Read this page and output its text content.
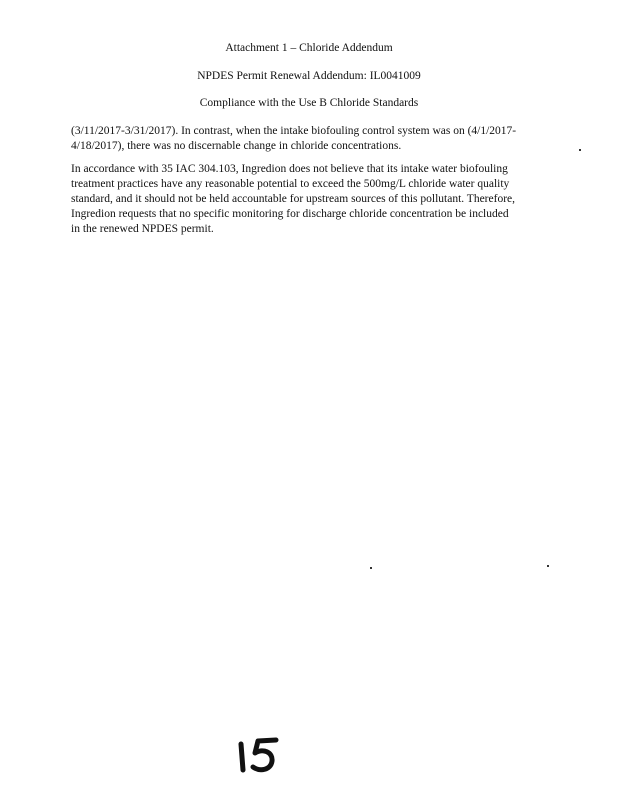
Attachment 1 – Chloride Addendum
NPDES Permit Renewal Addendum: IL0041009
Compliance with the Use B Chloride Standards
(3/11/2017-3/31/2017). In contrast, when the intake biofouling control system was on (4/1/2017-
4/18/2017), there was no discernable change in chloride concentrations.
In accordance with 35 IAC 304.103, Ingredion does not believe that its intake water biofouling
treatment practices have any reasonable potential to exceed the 500mg/L chloride water quality
standard, and it should not be held accountable for upstream sources of this pollutant. Therefore,
Ingredion requests that no specific monitoring for discharge chloride concentration be included
in the renewed NPDES permit.
